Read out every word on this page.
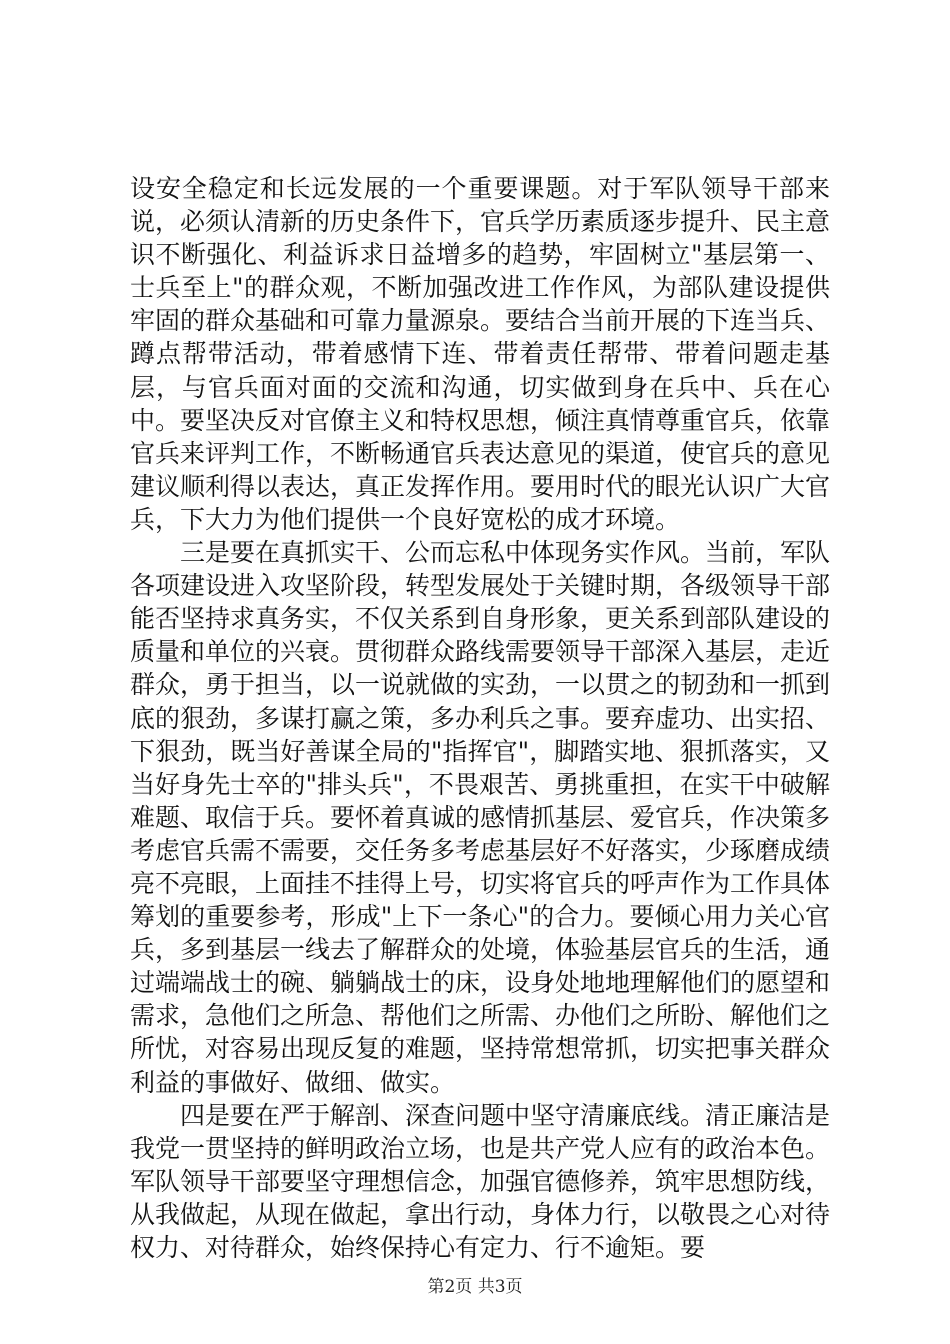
设安全稳定和长远发展的一个重要课题。对于军队领导干部来说，必须认清新的历史条件下，官兵学历素质逐步提升、民主意识不断强化、利益诉求日益增多的趋势，牢固树立"基层第一、士兵至上"的群众观，不断加强改进工作作风，为部队建设提供牢固的群众基础和可靠力量源泉。要结合当前开展的下连当兵、蹲点帮带活动，带着感情下连、带着责任帮带、带着问题走基层，与官兵面对面的交流和沟通，切实做到身在兵中、兵在心中。要坚决反对官僚主义和特权思想，倾注真情尊重官兵，依靠官兵来评判工作，不断畅通官兵表达意见的渠道，使官兵的意见建议顺利得以表达，真正发挥作用。要用时代的眼光认识广大官兵，下大力为他们提供一个良好宽松的成才环境。

三是要在真抓实干、公而忘私中体现务实作风。当前，军队各项建设进入攻坚阶段，转型发展处于关键时期，各级领导干部能否坚持求真务实，不仅关系到自身形象，更关系到部队建设的质量和单位的兴衰。贯彻群众路线需要领导干部深入基层，走近群众，勇于担当，以一说就做的实劲，一以贯之的韧劲和一抓到底的狠劲，多谋打赢之策，多办利兵之事。要弃虚功、出实招、下狠劲，既当好善谋全局的"指挥官"，脚踏实地、狠抓落实，又当好身先士卒的"排头兵"，不畏艰苦、勇挑重担，在实干中破解难题、取信于兵。要怀着真诚的感情抓基层、爱官兵，作决策多考虑官兵需不需要，交任务多考虑基层好不好落实，少琢磨成绩亮不亮眼，上面挂不挂得上号，切实将官兵的呼声作为工作具体筹划的重要参考，形成"上下一条心"的合力。要倾心用力关心官兵，多到基层一线去了解群众的处境，体验基层官兵的生活，通过端端战士的碗、躺躺战士的床，设身处地地理解他们的愿望和需求，急他们之所急、帮他们之所需、办他们之所盼、解他们之所忧，对容易出现反复的难题，坚持常想常抓，切实把事关群众利益的事做好、做细、做实。

四是要在严于解剖、深查问题中坚守清廉底线。清正廉洁是我党一贯坚持的鲜明政治立场，也是共产党人应有的政治本色。军队领导干部要坚守理想信念，加强官德修养，筑牢思想防线，从我做起，从现在做起，拿出行动，身体力行，以敬畏之心对待权力、对待群众，始终保持心有定力、行不逾矩。要

第2页 共3页
